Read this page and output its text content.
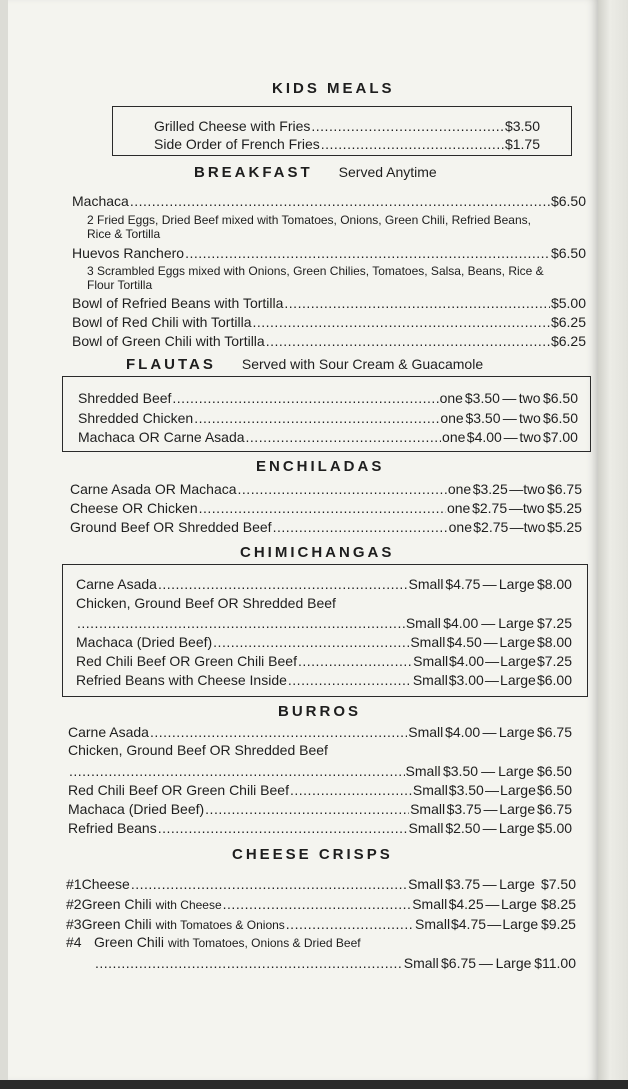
KIDS MEALS
Grilled Cheese with Fries .....	$3.50
Side Order of French Fries .....	$1.75
BREAKFAST Served Anytime
Machaca .....	$6.50
2 Fried Eggs, Dried Beef mixed with Tomatoes, Onions, Green Chili, Refried Beans, Rice & Tortilla
Huevos Ranchero .....	$6.50
3 Scrambled Eggs mixed with Onions, Green Chilies, Tomatoes, Salsa, Beans, Rice & Flour Tortilla
Bowl of Refried Beans with Tortilla .....	$5.00
Bowl of Red Chili with Tortilla .....	$6.25
Bowl of Green Chili with Tortilla .....	$6.25
FLAUTAS Served with Sour Cream & Guacamole
Shredded Beef .....	one $3.50 — two $6.50
Shredded Chicken .....	one $3.50 — two $6.50
Machaca OR Carne Asada .....	one $4.00 — two $7.00
ENCHILADAS
Carne Asada OR Machaca .....	one $3.25 — two $6.75
Cheese OR Chicken .....	one $2.75 — two $5.25
Ground Beef OR Shredded Beef .....	one $2.75 — two $5.25
CHIMICHANGAS
Carne Asada .....	Small $4.75 — Large $8.00
Chicken, Ground Beef OR Shredded Beef
.....
Small $4.00 — Large $7.25
Machaca (Dried Beef) .....	Small $4.50 — Large $8.00
Red Chili Beef OR Green Chili Beef .....	Small $4.00 — Large $7.25
Refried Beans with Cheese Inside .....	Small $3.00 — Large $6.00
BURROS
Carne Asada .....	Small $4.00 — Large $6.75
Chicken, Ground Beef OR Shredded Beef
.....
Small $3.50 — Large $6.50
Red Chili Beef OR Green Chili Beef .....	Small $3.50 — Large $6.50
Machaca (Dried Beef) .....	Small $3.75 — Large $6.75
Refried Beans .....	Small $2.50 — Large $5.00
CHEESE CRISPS
#1 Cheese .....	Small $3.75 — Large $7.50
#2 Green Chili with Cheese .....	Small $4.25 — Large $8.25
#3 Green Chili with Tomatoes & Onions .....	Small $4.75 — Large $9.25
#4 Green Chili with Tomatoes, Onions & Dried Beef
.....
Small $6.75 — Large $11.00
